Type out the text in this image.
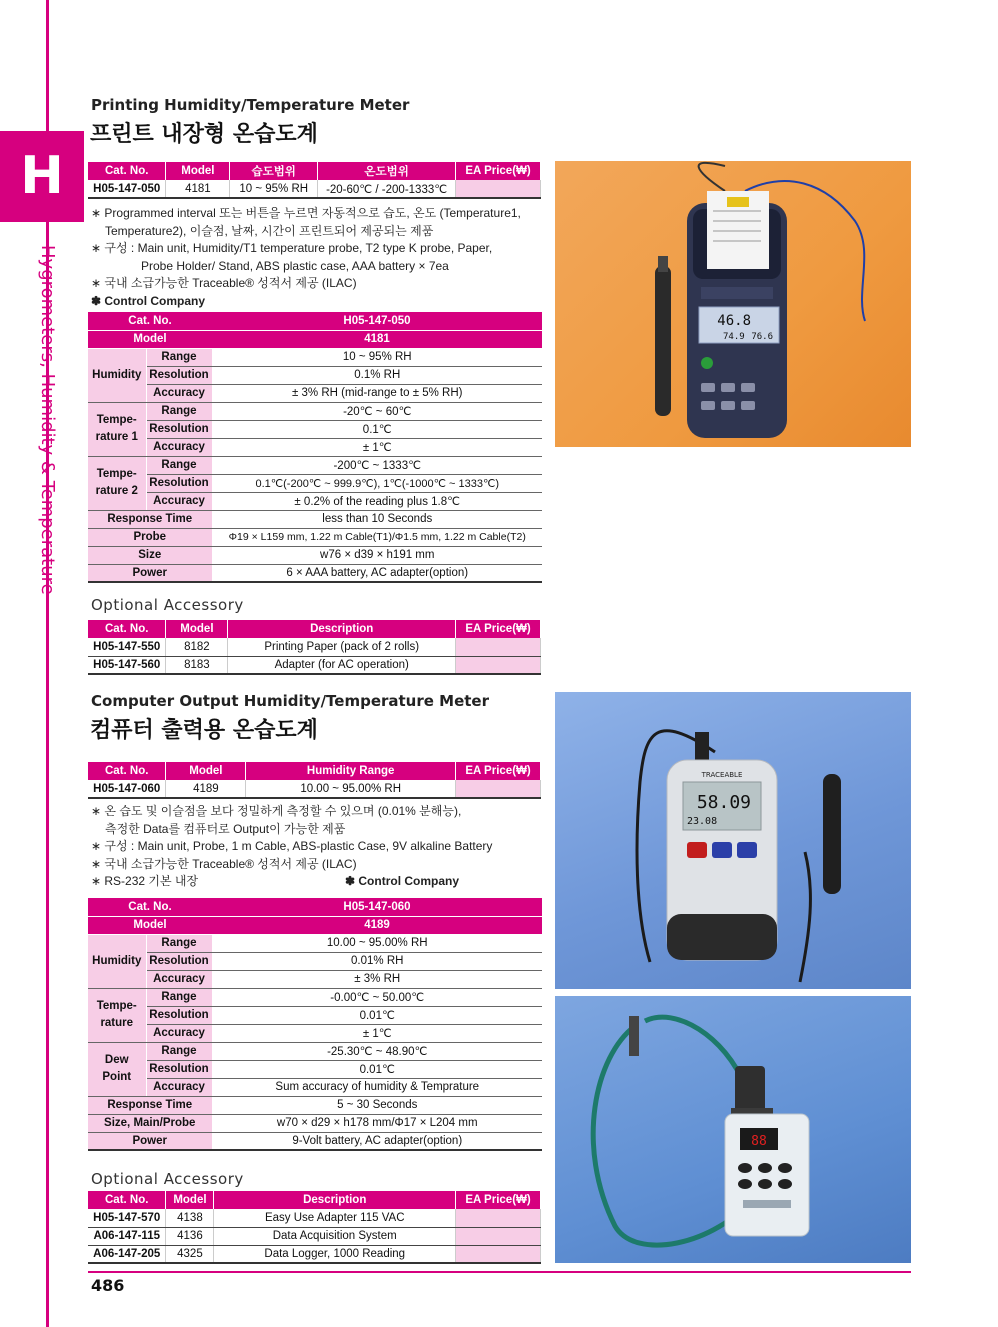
H
Hygrometers, Humidity & Temperature
Printing Humidity/Temperature Meter
프린트 내장형 온습도계
Cat. No.	Model	습도범위	온도범위	EA Price(₩)
H05-147-050	4181	10 ~ 95% RH	-20-60℃ / -200-1333℃	

∗ Programmed interval 또는 버튼을 누르면 자동적으로 습도, 온도 (Temperature1,

Temperature2), 이슬점, 날짜, 시간이 프린트되어 제공되는 제품

∗ 구성 : Main unit, Humidity/T1 temperature probe, T2 type K probe, Paper,

Probe Holder/ Stand, ABS plastic case, AAA battery × 7ea

∗ 국내 소급가능한 Traceable® 성적서 제공 (ILAC)

✽ Control Company

Cat. No.		H05-147-050
Model		4181
Humidity	Range	10 ~ 95% RH
	Resolution	0.1% RH
	Accuracy	± 3% RH (mid-range to ± 5% RH)
Tempe-rature 1	Range	-20℃ ~ 60℃
	Resolution	0.1℃
	Accuracy	± 1℃
Tempe-rature 2	Range	-200℃ ~ 1333℃
	Resolution	0.1℃(-200℃ ~ 999.9℃), 1℃(-1000℃ ~ 1333℃)
	Accuracy	± 0.2% of the reading plus 1.8℃
Response Time		less than 10 Seconds
Probe		Φ19 × L159 mm, 1.22 m Cable(T1)/Φ1.5 mm, 1.22 m Cable(T2)
Size		w76 × d39 × h191 mm
Power		6 × AAA battery, AC adapter(option)
Optional Accessory
Cat. No.	Model	Description	EA Price(₩)
H05-147-550	8182	Printing Paper (pack of 2 rolls)	
H05-147-560	8183	Adapter (for AC operation)	
46.8
74.9 76.6
Computer Output Humidity/Temperature Meter
컴퓨터 출력용 온습도계
Cat. No.	Model	Humidity Range	EA Price(₩)
H05-147-060	4189	10.00 ~ 95.00% RH	

∗ 온 습도 및 이슬점을 보다 정밀하게 측정할 수 있으며 (0.01% 분해능),

측정한 Data를 컴퓨터로 Output이 가능한 제품

∗ 구성 : Main unit, Probe, 1 m Cable, ABS-plastic Case, 9V alkaline Battery

∗ 국내 소급가능한 Traceable® 성적서 제공 (ILAC)

∗ RS-232 기본 내장	✽ Control Company
Cat. No.		H05-147-060
Model		4189
Humidity	Range	10.00 ~ 95.00% RH
	Resolution	0.01% RH
	Accuracy	± 3% RH
Tempe-rature	Range	-0.00℃ ~ 50.00℃
	Resolution	0.01℃
	Accuracy	± 1℃
Dew Point	Range	-25.30℃ ~ 48.90℃
	Resolution	0.01℃
	Accuracy	Sum accuracy of humidity & Temprature
Response Time		5 ~ 30 Seconds
Size, Main/Probe		w70 × d29 × h178 mm/Φ17 × L204 mm
Power		9-Volt battery, AC adapter(option)
Optional Accessory
Cat. No.	Model	Description	EA Price(₩)
H05-147-570	4138	Easy Use Adapter 115 VAC	
A06-147-115	4136	Data Acquisition System	
A06-147-205	4325	Data Logger, 1000 Reading	
TRACEABLE
58.09
23.08
88
486
